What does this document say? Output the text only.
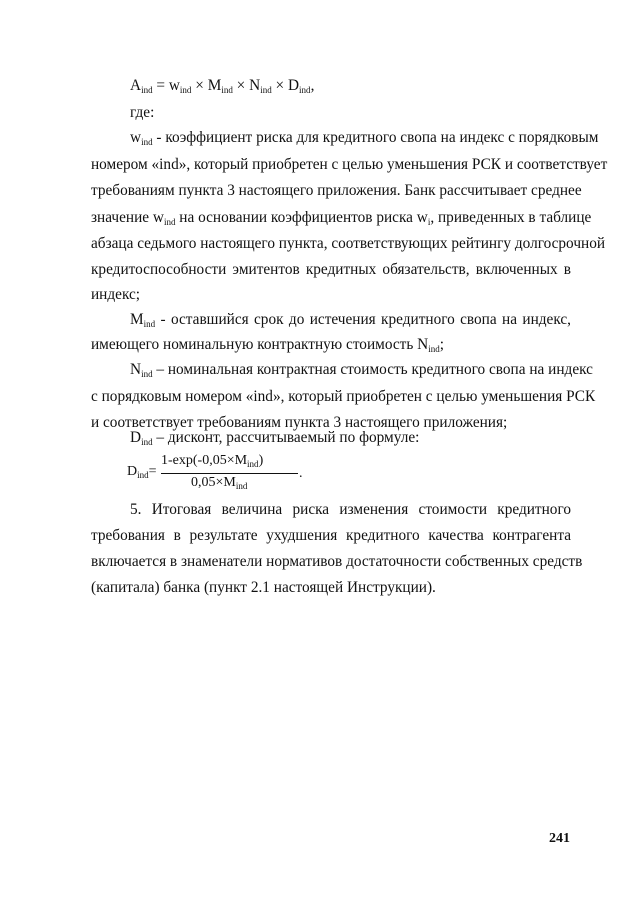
$A_{ind} = w_{ind} \times M_{ind} \times N_{ind} \times D_{ind}$,
где:
$w_{ind}$ - коэффициент риска для кредитного свопа на индекс с порядковым
номером «ind», который приобретен с целью уменьшения РСК и соответствует
требованиям пункта 3 настоящего приложения. Банк рассчитывает среднее
значение $w_{ind}$ на основании коэффициентов риска $w_i$, приведенных в таблице
абзаца седьмого настоящего пункта, соответствующих рейтингу долгосрочной
кредитоспособности эмитентов кредитных обязательств, включенных в
индекс;
$M_{ind}$ - оставшийся срок до истечения кредитного свопа на индекс,
имеющего номинальную контрактную стоимость $N_{ind}$;
$N_{ind}$ – номинальная контрактная стоимость кредитного свопа на индекс
с порядковым номером «ind», который приобретен с целью уменьшения РСК
и соответствует требованиям пункта 3 настоящего приложения;
$D_{ind}$ – дисконт, рассчитываемый по формуле:
$D_{ind}=$
$1-\exp(-0,05\times M_{ind})$
$0,05\times M_{ind}$
.
5. Итоговая величина риска изменения стоимости кредитного
требования в результате ухудшения кредитного качества контрагента
включается в знаменатели нормативов достаточности собственных средств
(капитала) банка (пункт 2.1 настоящей Инструкции).
241
